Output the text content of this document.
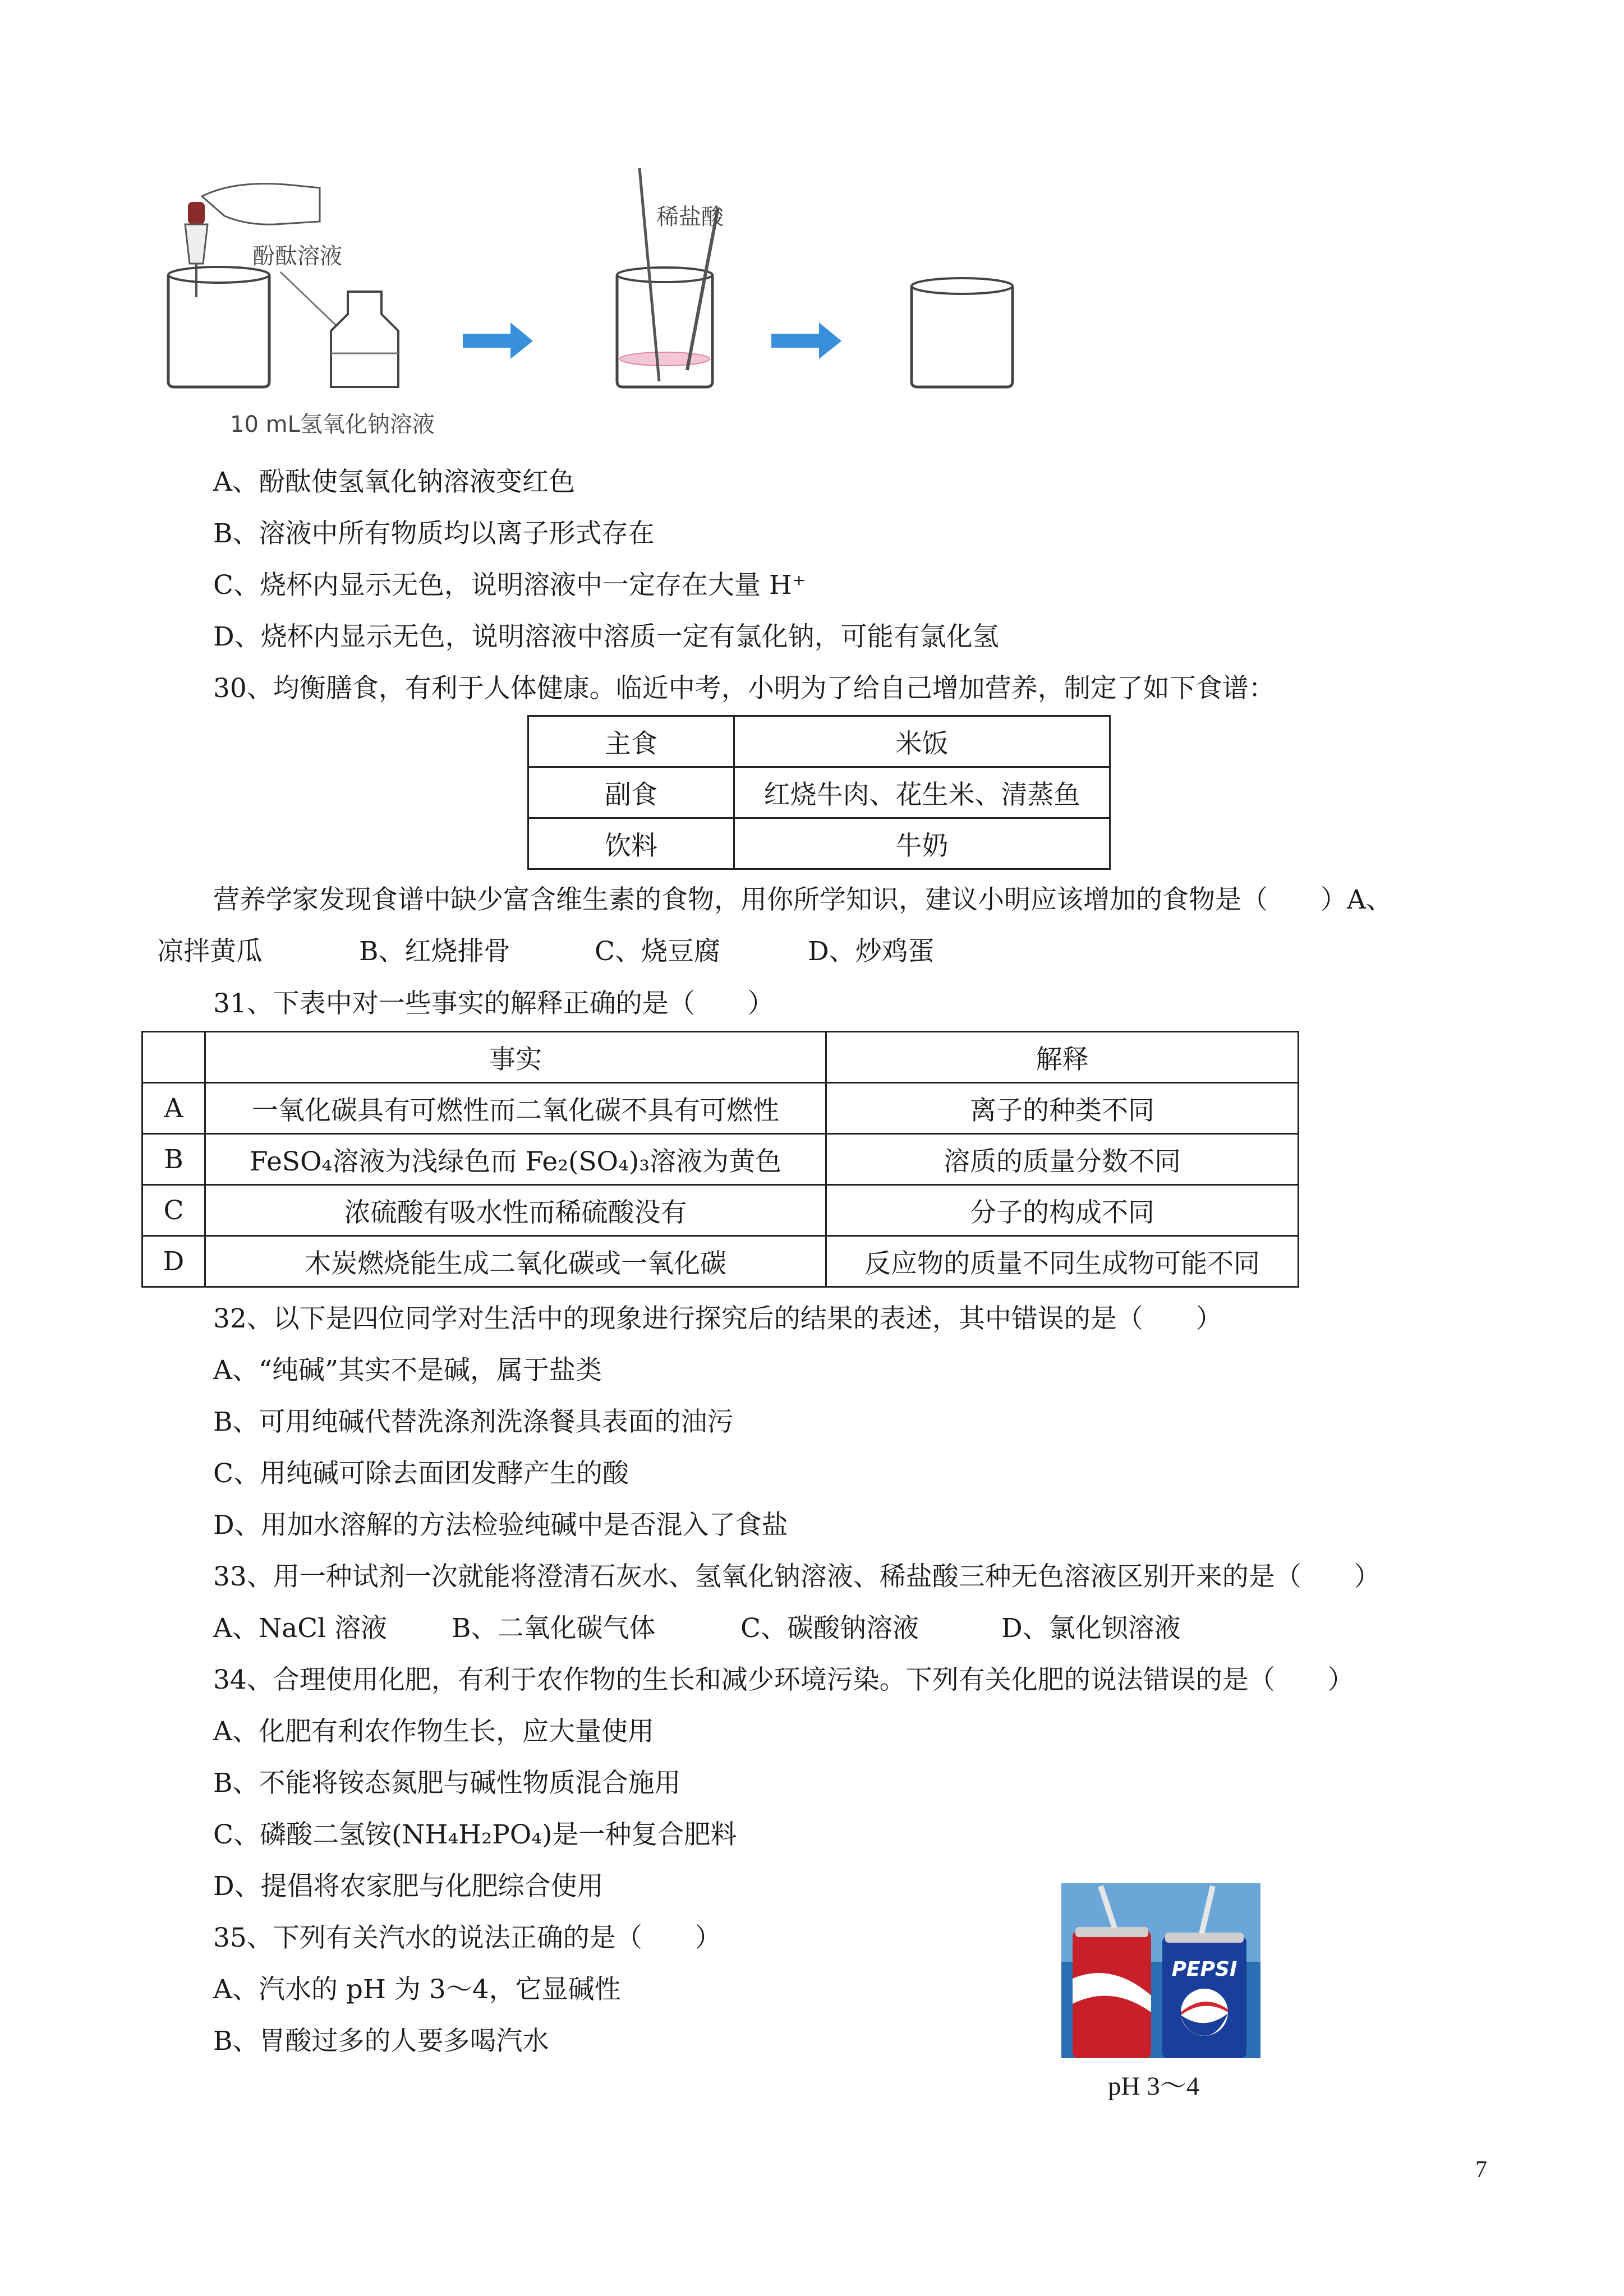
酚酞溶液
10 mL氢氧化钠溶液
稀盐酸
A、酚酞使氢氧化钠溶液变红色
B、溶液中所有物质均以离子形式存在
C、烧杯内显示无色，说明溶液中一定存在大量 H⁺
D、烧杯内显示无色，说明溶液中溶质一定有氯化钠，可能有氯化氢
30、均衡膳食，有利于人体健康。临近中考，小明为了给自己增加营养，制定了如下食谱：
主食	米饭
副食	红烧牛肉、花生米、清蒸鱼
饮料	牛奶
营养学家发现食谱中缺少富含维生素的食物，用你所学知识，建议小明应该增加的食物是（　　）A、
凉拌黄瓜	B、红烧排骨	C、烧豆腐	D、炒鸡蛋
31、下表中对一些事实的解释正确的是（　　）
	事实	解释
A	一氧化碳具有可燃性而二氧化碳不具有可燃性	离子的种类不同
B	FeSO₄溶液为浅绿色而 Fe₂(SO₄)₃溶液为黄色	溶质的质量分数不同
C	浓硫酸有吸水性而稀硫酸没有	分子的构成不同
D	木炭燃烧能生成二氧化碳或一氧化碳	反应物的质量不同生成物可能不同
32、以下是四位同学对生活中的现象进行探究后的结果的表述，其中错误的是（　　）
A、“纯碱”其实不是碱，属于盐类
B、可用纯碱代替洗涤剂洗涤餐具表面的油污
C、用纯碱可除去面团发酵产生的酸
D、用加水溶解的方法检验纯碱中是否混入了食盐
33、用一种试剂一次就能将澄清石灰水、氢氧化钠溶液、稀盐酸三种无色溶液区别开来的是（　　）
A、NaCl 溶液	B、二氧化碳气体	C、碳酸钠溶液	D、氯化钡溶液
34、合理使用化肥，有利于农作物的生长和减少环境污染。下列有关化肥的说法错误的是（　　）
A、化肥有利农作物生长，应大量使用
B、不能将铵态氮肥与碱性物质混合施用
C、磷酸二氢铵(NH₄H₂PO₄)是一种复合肥料
D、提倡将农家肥与化肥综合使用
35、下列有关汽水的说法正确的是（　　）
A、汽水的 pH 为 3～4，它显碱性
B、胃酸过多的人要多喝汽水
PEPSI
pH 3～4
7
